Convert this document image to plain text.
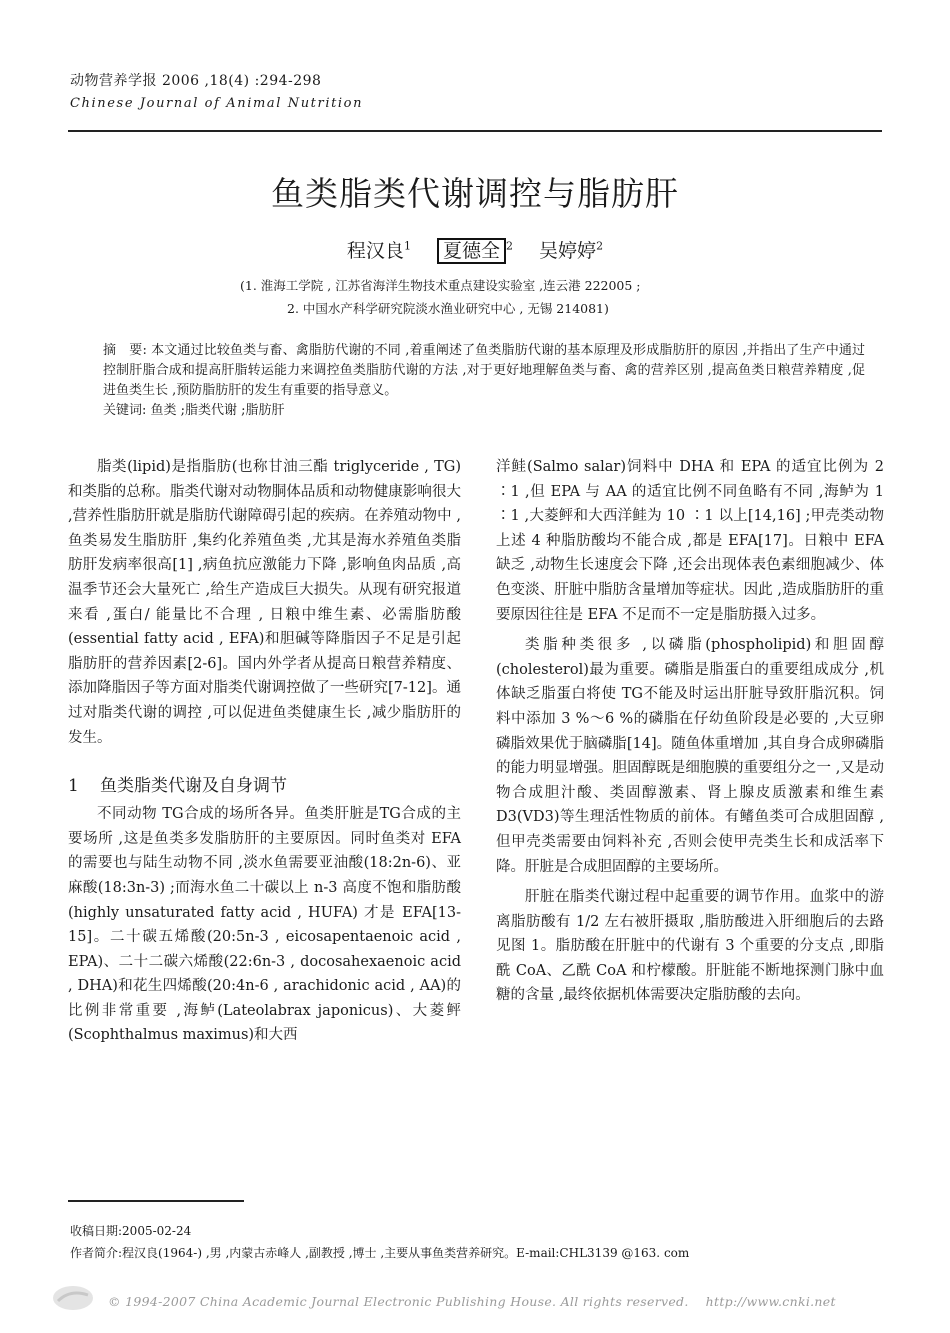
动物营养学报 2006 ,18(4) :294-298
Chinese Journal of Animal Nutrition
鱼类脂类代谢调控与脂肪肝
程汉良$^1$ 夏德全 $^2$ 吴婷婷$^2$
(1. 淮海工学院 , 江苏省海洋生物技术重点建设实验室 ,连云港 222005 ;
2. 中国水产科学研究院淡水渔业研究中心 , 无锡 214081)

摘　要: 本文通过比较鱼类与畜、禽脂肪代谢的不同 ,着重阐述了鱼类脂肪代谢的基本原理及形成脂肪肝的原因 ,并指出了生产中通过控制肝脂合成和提高肝脂转运能力来调控鱼类脂肪代谢的方法 ,对于更好地理解鱼类与畜、禽的营养区别 ,提高鱼类日粮营养精度 ,促进鱼类生长 ,预防脂肪肝的发生有重要的指导意义。

关键词: 鱼类 ;脂类代谢 ;脂肪肝

脂类(lipid)是指脂肪(也称甘油三酯 triglyceride , TG)和类脂的总称。脂类代谢对动物胴体品质和动物健康影响很大 ,营养性脂肪肝就是脂肪代谢障碍引起的疾病。在养殖动物中 ,鱼类易发生脂肪肝 ,集约化养殖鱼类 ,尤其是海水养殖鱼类脂肪肝发病率很高[1] ,病鱼抗应激能力下降 ,影响鱼肉品质 ,高温季节还会大量死亡 ,给生产造成巨大损失。从现有研究报道来看 ,蛋白/ 能量比不合理 , 日粮中维生素、必需脂肪酸(essential fatty acid , EFA)和胆碱等降脂因子不足是引起脂肪肝的营养因素[2-6]。国内外学者从提高日粮营养精度、添加降脂因子等方面对脂类代谢调控做了一些研究[7-12]。通过对脂类代谢的调控 ,可以促进鱼类健康生长 ,减少脂肪肝的发生。

1 鱼类脂类代谢及自身调节

不同动物 TG合成的场所各异。鱼类肝脏是TG合成的主要场所 ,这是鱼类多发脂肪肝的主要原因。同时鱼类对 EFA 的需要也与陆生动物不同 ,淡水鱼需要亚油酸(18:2n-6)、亚麻酸(18:3n-3) ;而海水鱼二十碳以上 n-3 高度不饱和脂肪酸(highly unsaturated fatty acid , HUFA) 才是 EFA[13-15]。二十碳五烯酸(20:5n-3 , eicosapentaenoic acid , EPA)、二十二碳六烯酸(22:6n-3 , docosahexaenoic acid , DHA)和花生四烯酸(20:4n-6 , arachidonic acid , AA)的比例非常重要 ,海鲈(Lateolabrax japonicus)、大菱鲆(Scophthalmus maximus)和大西

洋鲑(Salmo salar)饲料中 DHA 和 EPA 的适宜比例为 2 ∶1 ,但 EPA 与 AA 的适宜比例不同鱼略有不同 ,海鲈为 1 ∶1 ,大菱鲆和大西洋鲑为 10 ∶1 以上[14,16] ;甲壳类动物上述 4 种脂肪酸均不能合成 ,都是 EFA[17]。日粮中 EFA 缺乏 ,动物生长速度会下降 ,还会出现体表色素细胞减少、体色变淡、肝脏中脂肪含量增加等症状。因此 ,造成脂肪肝的重要原因往往是 EFA 不足而不一定是脂肪摄入过多。

类脂种类很多 ,以磷脂(phospholipid)和胆固醇(cholesterol)最为重要。磷脂是脂蛋白的重要组成成分 ,机体缺乏脂蛋白将使 TG不能及时运出肝脏导致肝脂沉积。饲料中添加 3 %～6 %的磷脂在仔幼鱼阶段是必要的 ,大豆卵磷脂效果优于脑磷脂[14]。随鱼体重增加 ,其自身合成卵磷脂的能力明显增强。胆固醇既是细胞膜的重要组分之一 ,又是动物合成胆汁酸、类固醇激素、肾上腺皮质激素和维生素 D3(VD3)等生理活性物质的前体。有鳍鱼类可合成胆固醇 ,但甲壳类需要由饲料补充 ,否则会使甲壳类生长和成活率下降。肝脏是合成胆固醇的主要场所。

肝脏在脂类代谢过程中起重要的调节作用。血浆中的游离脂肪酸有 1/2 左右被肝摄取 ,脂肪酸进入肝细胞后的去路见图 1。脂肪酸在肝脏中的代谢有 3 个重要的分支点 ,即脂酰 CoA、乙酰 CoA 和柠檬酸。肝脏能不断地探测门脉中血糖的含量 ,最终依据机体需要决定脂肪酸的去向。

收稿日期:2005-02-24
作者简介:程汉良(1964-) ,男 ,内蒙古赤峰人 ,副教授 ,博士 ,主要从事鱼类营养研究。E-mail:CHL3139 @163. com
© 1994-2007 China Academic Journal Electronic Publishing House. All rights reserved.　 http://www.cnki.net
